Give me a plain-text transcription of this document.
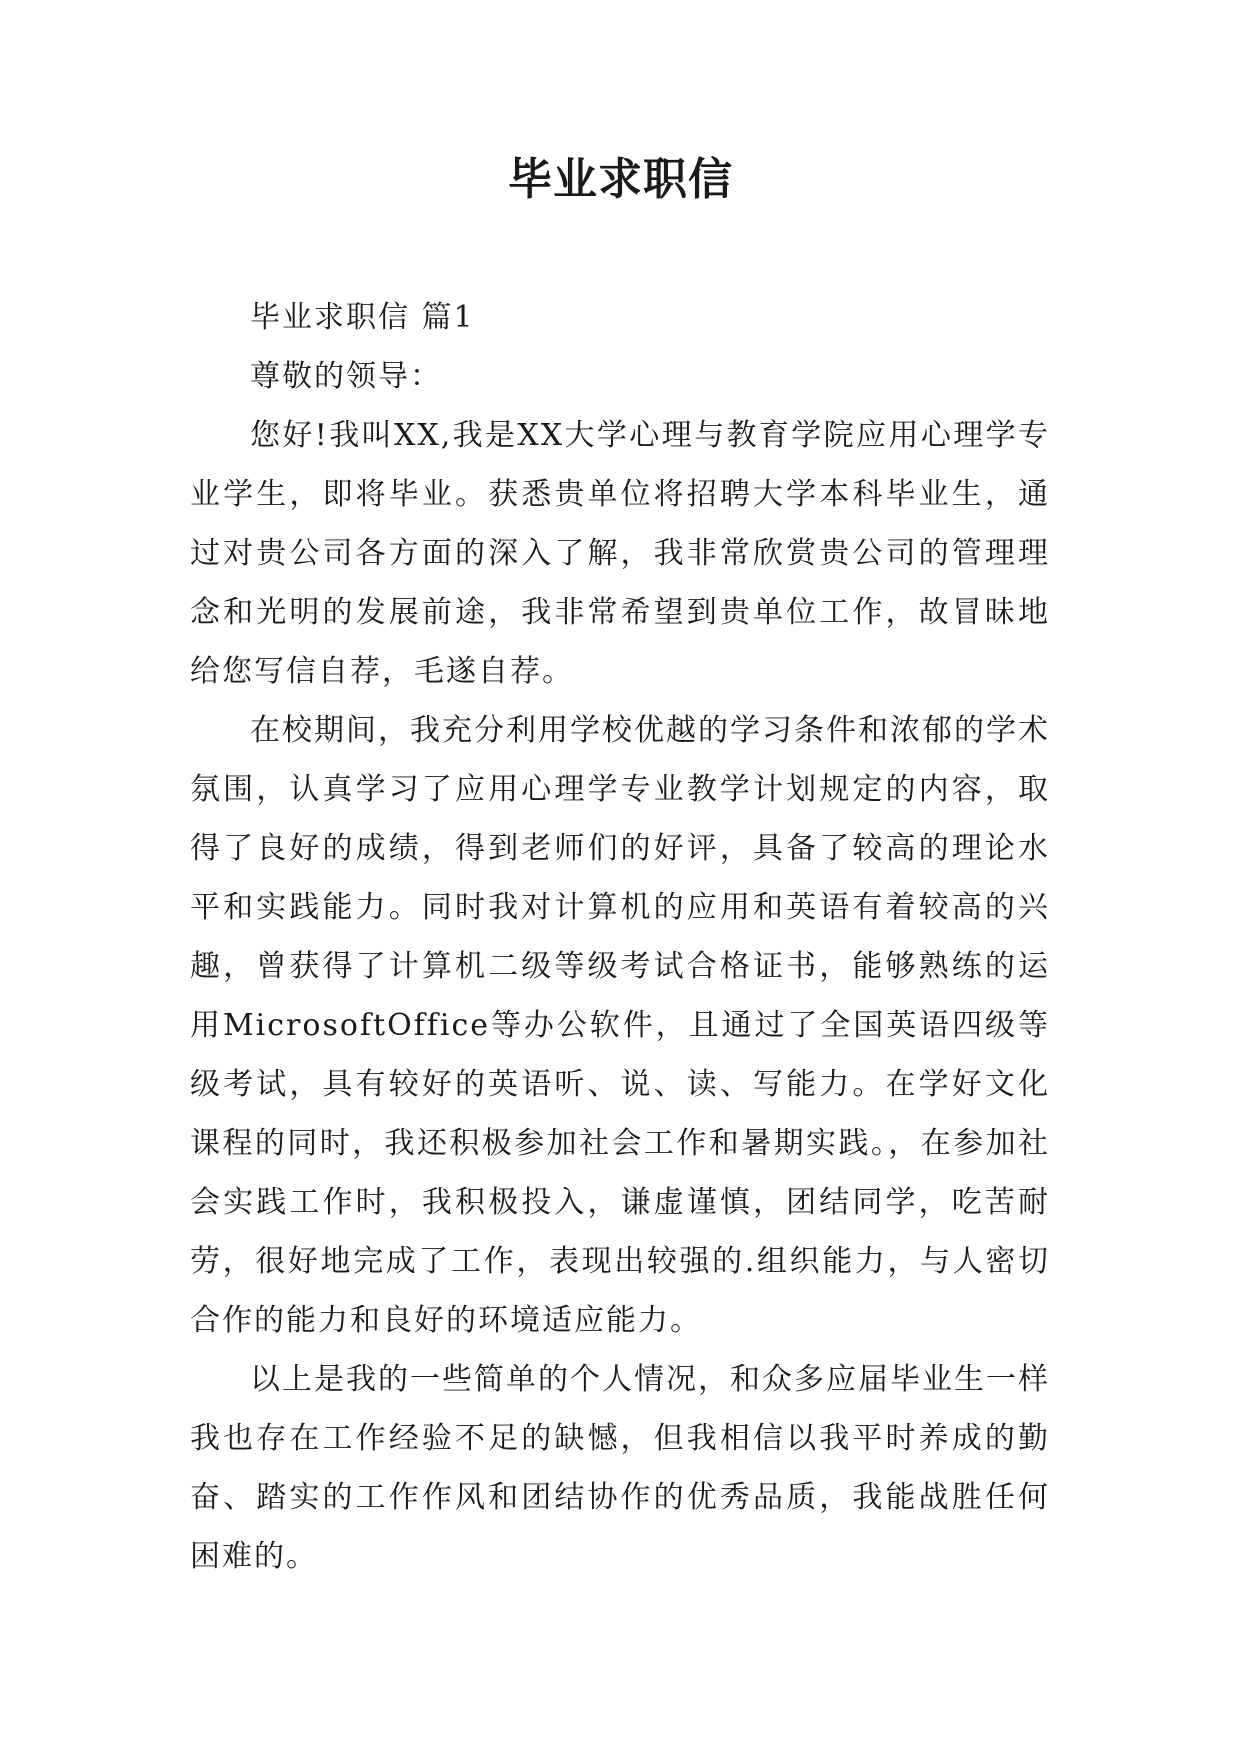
毕业求职信

毕业求职信 篇1

尊敬的领导：

您好!我叫XX,我是XX大学心理与教育学院应用心理学专业学生，即将毕业。获悉贵单位将招聘大学本科毕业生，通过对贵公司各方面的深入了解，我非常欣赏贵公司的管理理念和光明的发展前途，我非常希望到贵单位工作，故冒昧地给您写信自荐，毛遂自荐。

在校期间，我充分利用学校优越的学习条件和浓郁的学术氛围，认真学习了应用心理学专业教学计划规定的内容，取得了良好的成绩，得到老师们的好评，具备了较高的理论水平和实践能力。同时我对计算机的应用和英语有着较高的兴趣，曾获得了计算机二级等级考试合格证书，能够熟练的运用MicrosoftOffice等办公软件，且通过了全国英语四级等级考试，具有较好的英语听、说、读、写能力。在学好文化课程的同时，我还积极参加社会工作和暑期实践。，在参加社会实践工作时，我积极投入，谦虚谨慎，团结同学，吃苦耐劳，很好地完成了工作，表现出较强的.组织能力，与人密切合作的能力和良好的环境适应能力。

以上是我的一些简单的个人情况，和众多应届毕业生一样我也存在工作经验不足的缺憾，但我相信以我平时养成的勤奋、踏实的工作作风和团结协作的优秀品质，我能战胜任何困难的。
